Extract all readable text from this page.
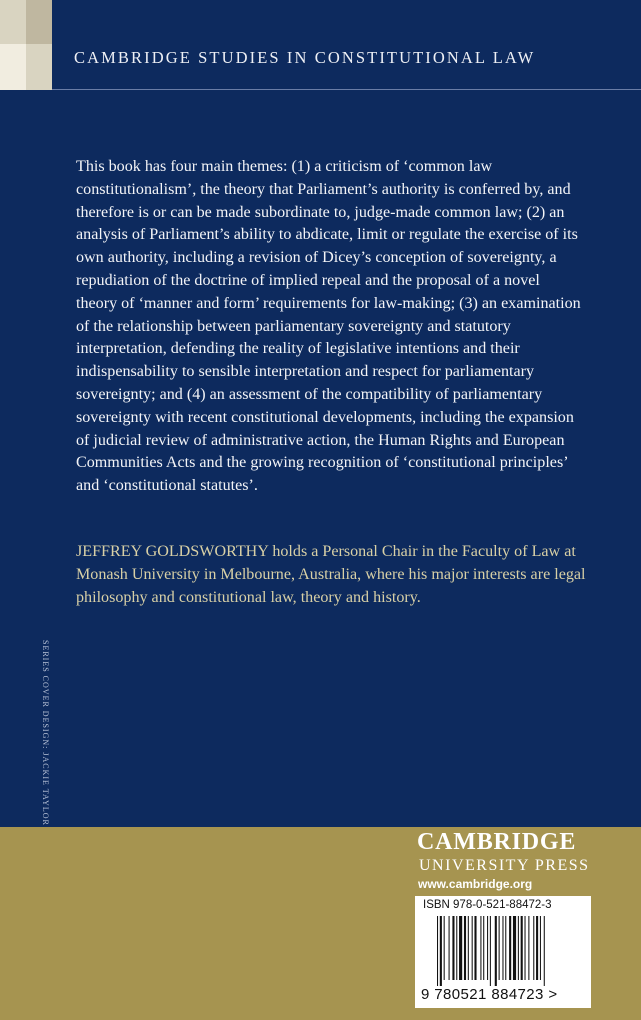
CAMBRIDGE STUDIES IN CONSTITUTIONAL LAW

This book has four main themes: (1) a criticism of ‘common law constitutionalism’, the theory that Parliament’s authority is conferred by, and therefore is or can be made subordinate to, judge-made common law; (2) an analysis of Parliament’s ability to abdicate, limit or regulate the exercise of its own authority, including a revision of Dicey’s conception of sovereignty, a repudiation of the doctrine of implied repeal and the proposal of a novel theory of ‘manner and form’ requirements for law-making; (3) an examination of the relationship between parliamentary sovereignty and statutory interpretation, defending the reality of legislative intentions and their indispensability to sensible interpretation and respect for parliamentary sovereignty; and (4) an assessment of the compatibility of parliamentary sovereignty with recent constitutional developments, including the expansion of judicial review of administrative action, the Human Rights and European Communities Acts and the growing recognition of ‘constitutional principles’ and ‘constitutional statutes’.

JEFFREY GOLDSWORTHY holds a Personal Chair in the Faculty of Law at Monash University in Melbourne, Australia, where his major interests are legal philosophy and constitutional law, theory and history.

SERIES COVER DESIGN: JACKIE TAYLOR
CAMBRIDGE
UNIVERSITY PRESS
www.cambridge.org
ISBN 978-0-521-88472-3
9 780521 884723 >
